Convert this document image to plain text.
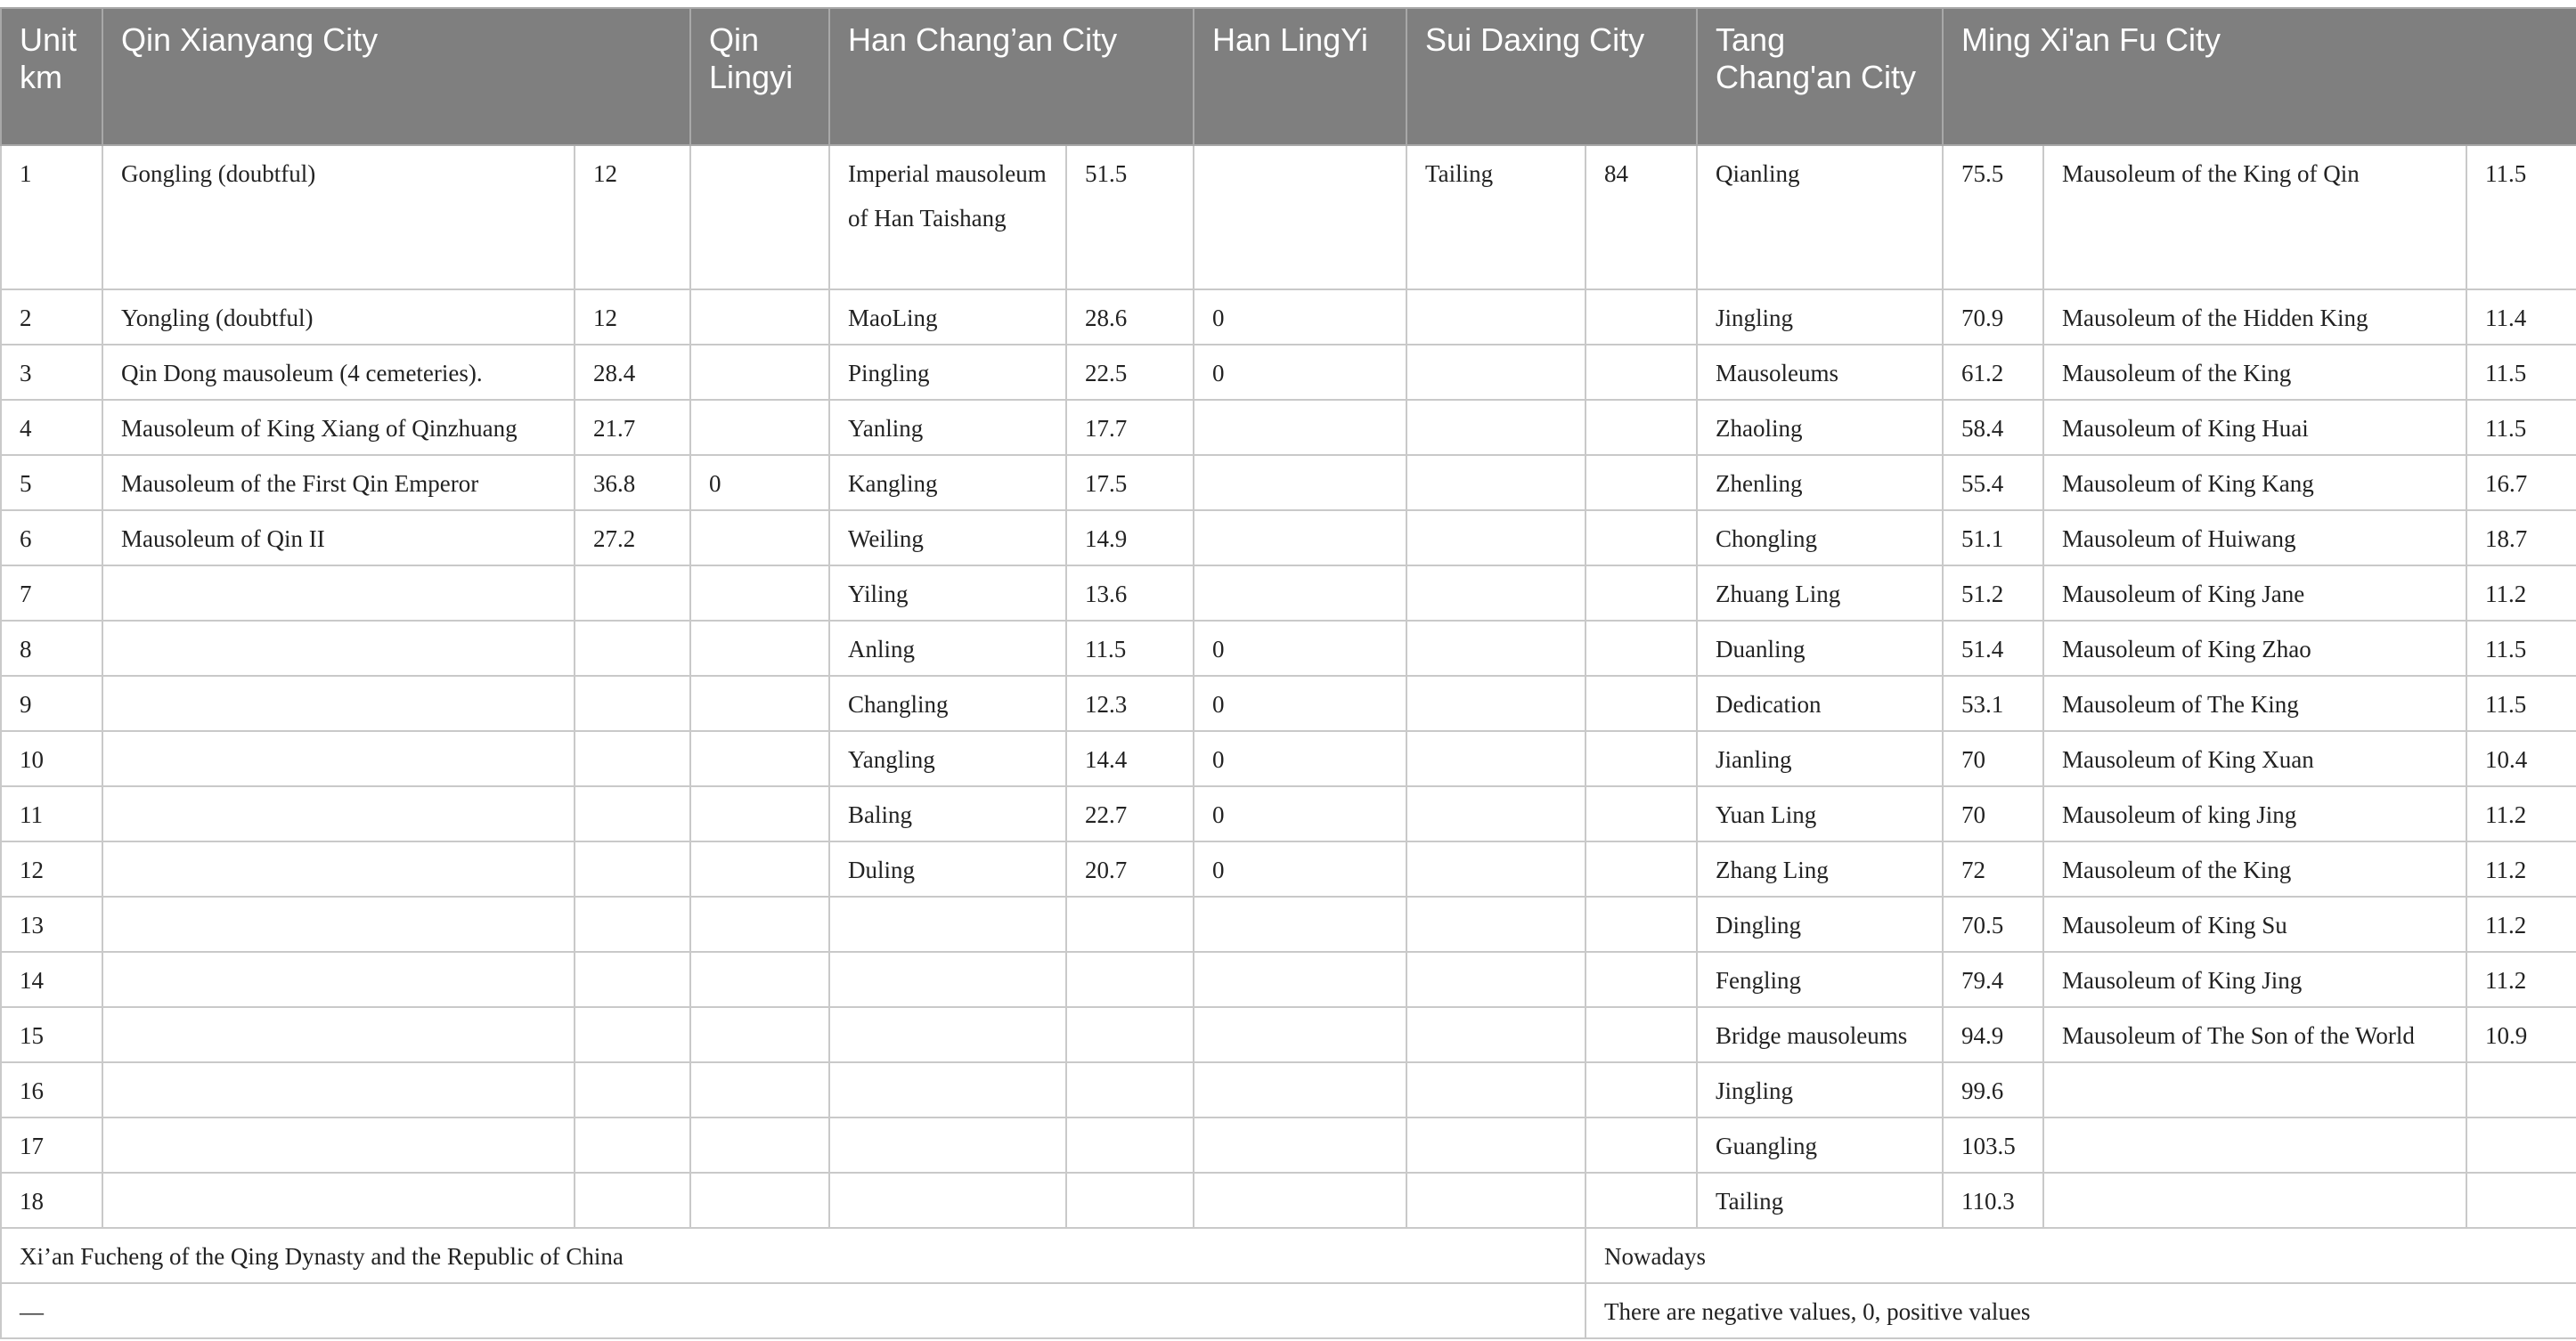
Unit km	Qin Xianyang City		Qin Lingyi	Han Chang’an City		Han LingYi	Sui Daxing City		Tang Chang'an City	Ming Xi'an Fu City		
1	Gongling (doubtful)	12		Imperial mausoleum of Han Taishang	51.5		Tailing	84	Qianling	75.5	Mausoleum of the King of Qin	11.5
2	Yongling (doubtful)	12		MaoLing	28.6	0			Jingling	70.9	Mausoleum of the Hidden King	11.4
3	Qin Dong mausoleum (4 cemeteries).	28.4		Pingling	22.5	0			Mausoleums	61.2	Mausoleum of the King	11.5
4	Mausoleum of King Xiang of Qinzhuang	21.7		Yanling	17.7				Zhaoling	58.4	Mausoleum of King Huai	11.5
5	Mausoleum of the First Qin Emperor	36.8	0	Kangling	17.5				Zhenling	55.4	Mausoleum of King Kang	16.7
6	Mausoleum of Qin II	27.2		Weiling	14.9				Chongling	51.1	Mausoleum of Huiwang	18.7
7				Yiling	13.6				Zhuang Ling	51.2	Mausoleum of King Jane	11.2
8				Anling	11.5	0			Duanling	51.4	Mausoleum of King Zhao	11.5
9				Changling	12.3	0			Dedication	53.1	Mausoleum of The King	11.5
10				Yangling	14.4	0			Jianling	70	Mausoleum of King Xuan	10.4
11				Baling	22.7	0			Yuan Ling	70	Mausoleum of king Jing	11.2
12				Duling	20.7	0			Zhang Ling	72	Mausoleum of the King	11.2
13									Dingling	70.5	Mausoleum of King Su	11.2
14									Fengling	79.4	Mausoleum of King Jing	11.2
15									Bridge mausoleums	94.9	Mausoleum of The Son of the World	10.9
16									Jingling	99.6		
17									Guangling	103.5		
18									Tailing	110.3		
Xi’an Fucheng of the Qing Dynasty and the Republic of China								Nowadays				
—								There are negative values, 0, positive values				
